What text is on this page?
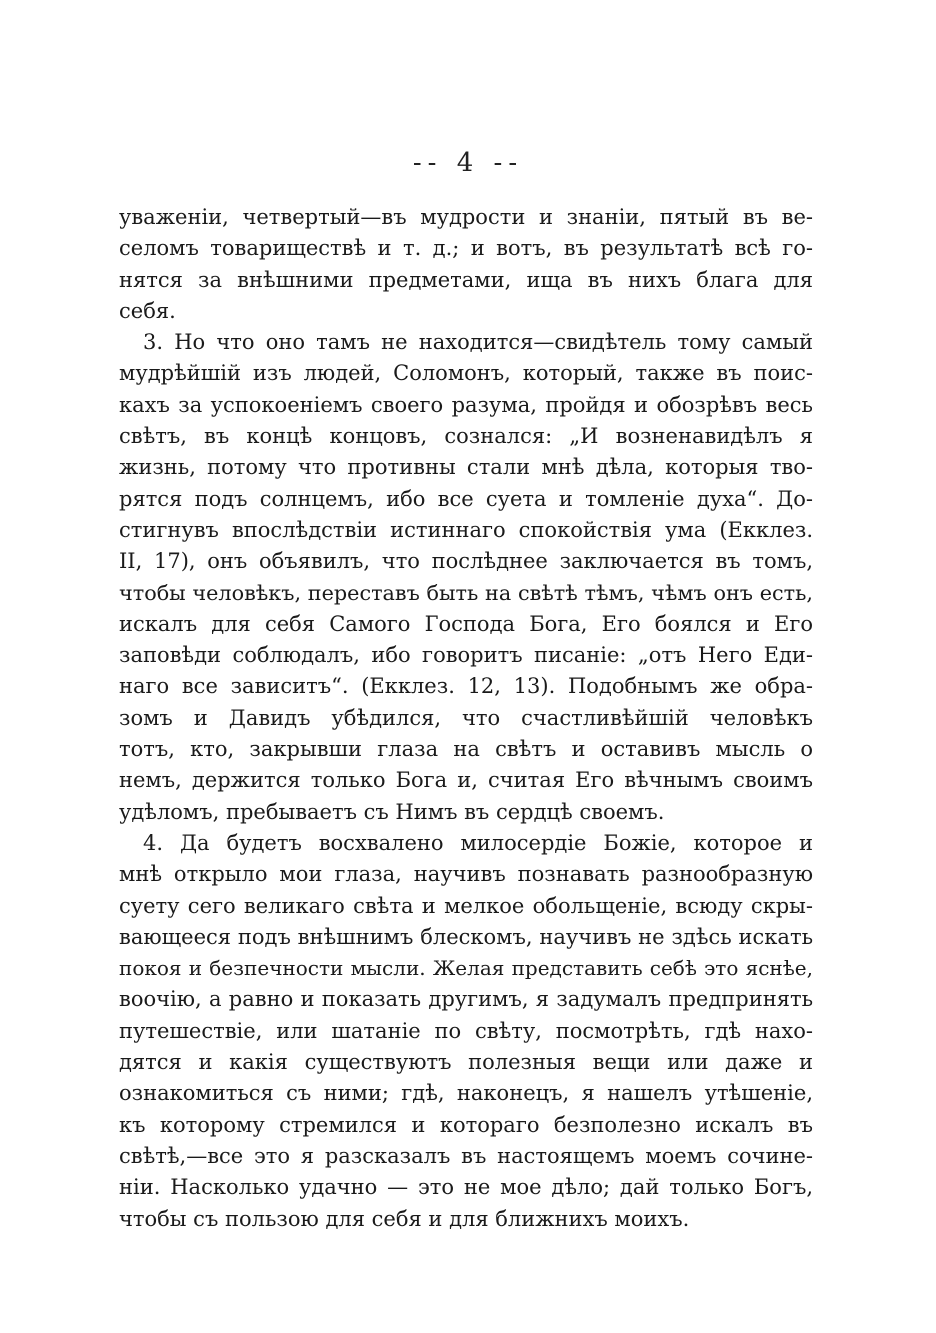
-- 4 --
уваженіи, четвертый—въ мудрости и знаніи, пятый въ ве-
селомъ товариществѣ и т. д.; и вотъ, въ результатѣ всѣ го-
нятся за внѣшними предметами, ища въ нихъ блага для
себя.
3. Но что оно тамъ не находится—свидѣтель тому самый
мудрѣйшій изъ людей, Соломонъ, который, также въ поис-
кахъ за успокоеніемъ своего разума, пройдя и обозрѣвъ весь
свѣтъ, въ концѣ концовъ, сознался: „И возненавидѣлъ я
жизнь, потому что противны стали мнѣ дѣла, которыя тво-
рятся подъ солнцемъ, ибо все суета и томленіе духа“. До-
стигнувъ впослѣдствіи истиннаго спокойствія ума (Екклез.
II, 17), онъ объявилъ, что послѣднее заключается въ томъ,
чтобы человѣкъ, переставъ быть на свѣтѣ тѣмъ, чѣмъ онъ есть,
искалъ для себя Самого Господа Бога, Его боялся и Его
заповѣди соблюдалъ, ибо говоритъ писаніе: „отъ Него Еди-
наго все зависитъ“. (Екклез. 12, 13). Подобнымъ же обра-
зомъ и Давидъ убѣдился, что счастливѣйшій человѣкъ
тотъ, кто, закрывши глаза на свѣтъ и оставивъ мысль о
немъ, держится только Бога и, считая Его вѣчнымъ своимъ
удѣломъ, пребываетъ съ Нимъ въ сердцѣ своемъ.
4. Да будетъ восхвалено милосердіе Божіе, которое и
мнѣ открыло мои глаза, научивъ познавать разнообразную
суету сего великаго свѣта и мелкое обольщеніе, всюду скры-
вающееся подъ внѣшнимъ блескомъ, научивъ не здѣсь искать
покоя и безпечности мысли. Желая представить себѣ это яснѣе,
воочію, а равно и показать другимъ, я задумалъ предпринять
путешествіе, или шатаніе по свѣту, посмотрѣть, гдѣ нахо-
дятся и какія существуютъ полезныя вещи или даже и
ознакомиться съ ними; гдѣ, наконецъ, я нашелъ утѣшеніе,
къ которому стремился и котораго безполезно искалъ въ
свѣтѣ,—все это я разсказалъ въ настоящемъ моемъ сочине-
ніи. Насколько удачно — это не мое дѣло; дай только Богъ,
чтобы съ пользою для себя и для ближнихъ моихъ.
